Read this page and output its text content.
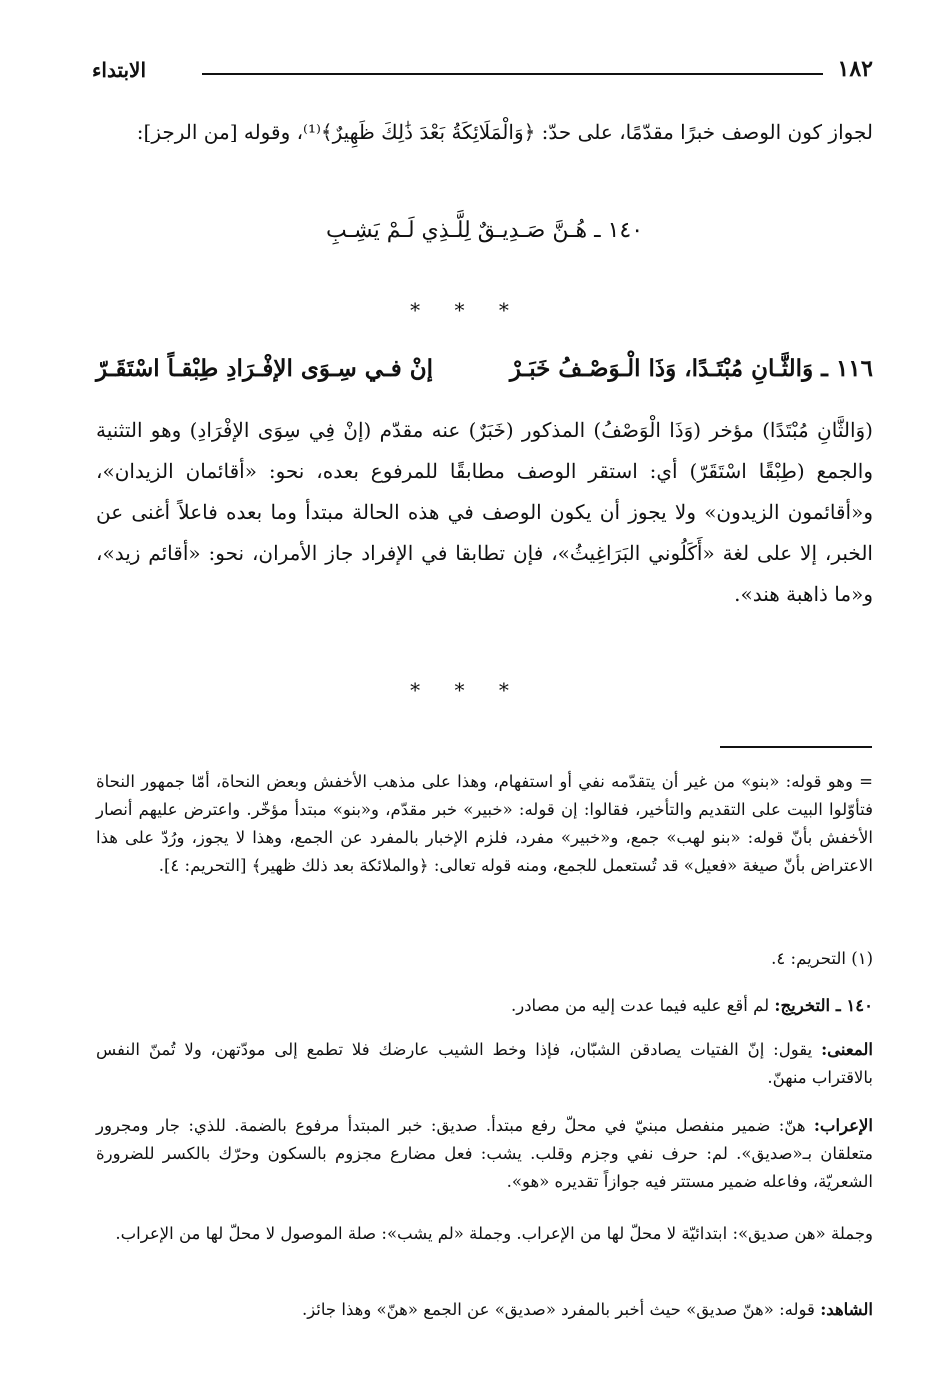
١٨٢
الابتداء
لجواز كون الوصف خبرًا مقدّمًا، على حدّ: ﴿وَالْمَلَائِكَةُ بَعْدَ ذَٰلِكَ ظَهِيرٌ﴾⁽¹⁾، وقوله [من الرجز]:
١٤٠ ـ هُـنَّ صَـدِيـقٌ لِلَّـذِي لَـمْ يَشِـبِ
* * *
١١٦ ـ وَالثَّـانِ مُبْتَـدًا، وَذَا الْـوَصْـفُ خَبَـرْ
إنْ فـي سِـوَى الإفْـرَادِ طِبْقـاً اسْتَقَـرّ
(وَالثَّانِ مُبْتَدًا) مؤخر (وَذَا الْوَصْفُ) المذكور (خَبَرٌ) عنه مقدّم (إنْ فِي سِوَى الإفْرَادِ) وهو التثنية والجمع (طِبْقًا اسْتَقَرّ) أي: استقر الوصف مطابقًا للمرفوع بعده، نحو: «أقائمان الزيدان»، و«أقائمون الزيدون» ولا يجوز أن يكون الوصف في هذه الحالة مبتدأ وما بعده فاعلاً أغنى عن الخبر، إلا على لغة «أَكَلُوني البَرَاغِيثُ»، فإن تطابقا في الإفراد جاز الأمران، نحو: «أقائم زيد»، و«ما ذاهبة هند».
* * *
= وهو قوله: «بنو» من غير أن يتقدّمه نفي أو استفهام، وهذا على مذهب الأخفش وبعض النحاة، أمّا جمهور النحاة فتأوّلوا البيت على التقديم والتأخير، فقالوا: إن قوله: «خبير» خبر مقدّم، و«بنو» مبتدأ مؤخّر. واعترض عليهم أنصار الأخفش بأنّ قوله: «بنو لهب» جمع، و«خبير» مفرد، فلزم الإخبار بالمفرد عن الجمع، وهذا لا يجوز، ورُدّ على هذا الاعتراض بأنّ صيغة «فعيل» قد تُستعمل للجمع، ومنه قوله تعالى: ﴿والملائكة بعد ذلك ظهير﴾ [التحريم: ٤].
(١) التحريم: ٤.
١٤٠ ـ التخريج: لم أقع عليه فيما عدت إليه من مصادر.
المعنى: يقول: إنّ الفتيات يصادقن الشبّان، فإذا وخط الشيب عارضك فلا تطمع إلى مودّتهن، ولا تُمنّ النفس بالاقتراب منهنّ.
الإعراب: هنّ: ضمير منفصل مبنيّ في محلّ رفع مبتدأ. صديق: خبر المبتدأ مرفوع بالضمة. للذي: جار ومجرور متعلقان بـ«صديق». لم: حرف نفي وجزم وقلب. يشب: فعل مضارع مجزوم بالسكون وحرّك بالكسر للضرورة الشعريّة، وفاعله ضمير مستتر فيه جوازاً تقديره «هو».
وجملة «هن صديق»: ابتدائيّة لا محلّ لها من الإعراب. وجملة «لم يشب»: صلة الموصول لا محلّ لها من الإعراب.
الشاهد: قوله: «هنّ صديق» حيث أخبر بالمفرد «صديق» عن الجمع «هنّ» وهذا جائز.
